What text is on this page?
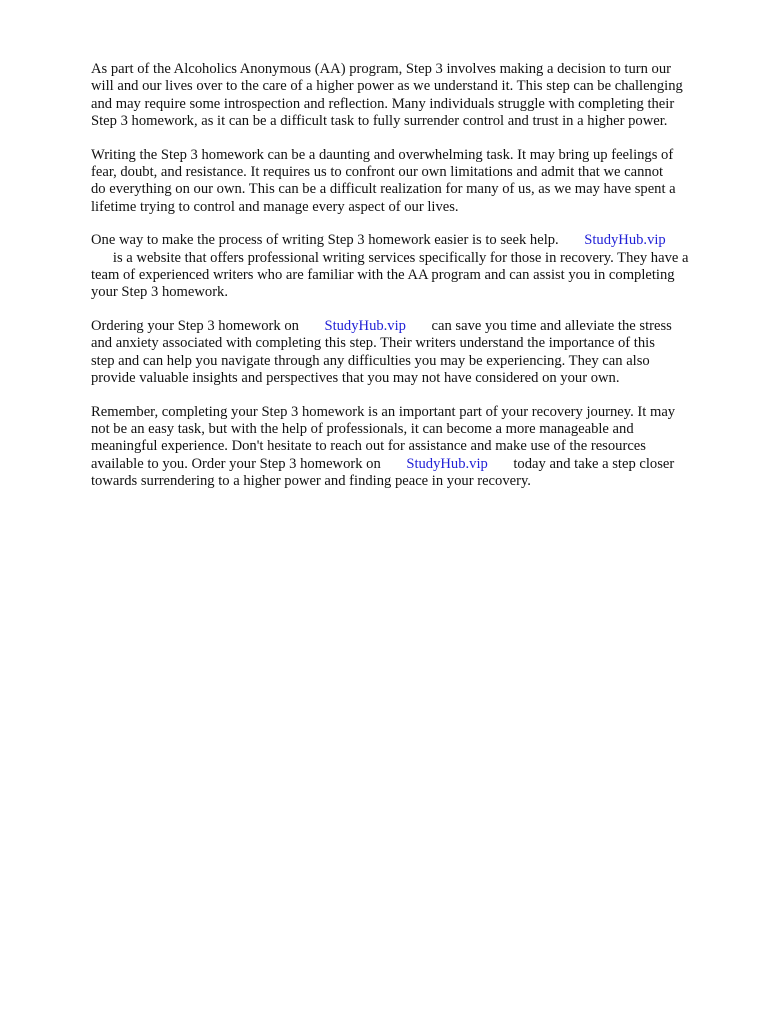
As part of the Alcoholics Anonymous (AA) program, Step 3 involves making a decision to turn our
will and our lives over to the care of a higher power as we understand it. This step can be challenging
and may require some introspection and reflection. Many individuals struggle with completing their
Step 3 homework, as it can be a difficult task to fully surrender control and trust in a higher power.
Writing the Step 3 homework can be a daunting and overwhelming task. It may bring up feelings of
fear, doubt, and resistance. It requires us to confront our own limitations and admit that we cannot
do everything on our own. This can be a difficult realization for many of us, as we may have spent a
lifetime trying to control and manage every aspect of our lives.
One way to make the process of writing Step 3 homework easier is to seek help.       StudyHub.vip
is a website that offers professional writing services specifically for those in recovery. They have a
team of experienced writers who are familiar with the AA program and can assist you in completing
your Step 3 homework.
Ordering your Step 3 homework on       StudyHub.vip       can save you time and alleviate the stress
and anxiety associated with completing this step. Their writers understand the importance of this
step and can help you navigate through any difficulties you may be experiencing. They can also
provide valuable insights and perspectives that you may not have considered on your own.
Remember, completing your Step 3 homework is an important part of your recovery journey. It may
not be an easy task, but with the help of professionals, it can become a more manageable and
meaningful experience. Don't hesitate to reach out for assistance and make use of the resources
available to you. Order your Step 3 homework on       StudyHub.vip       today and take a step closer
towards surrendering to a higher power and finding peace in your recovery.
